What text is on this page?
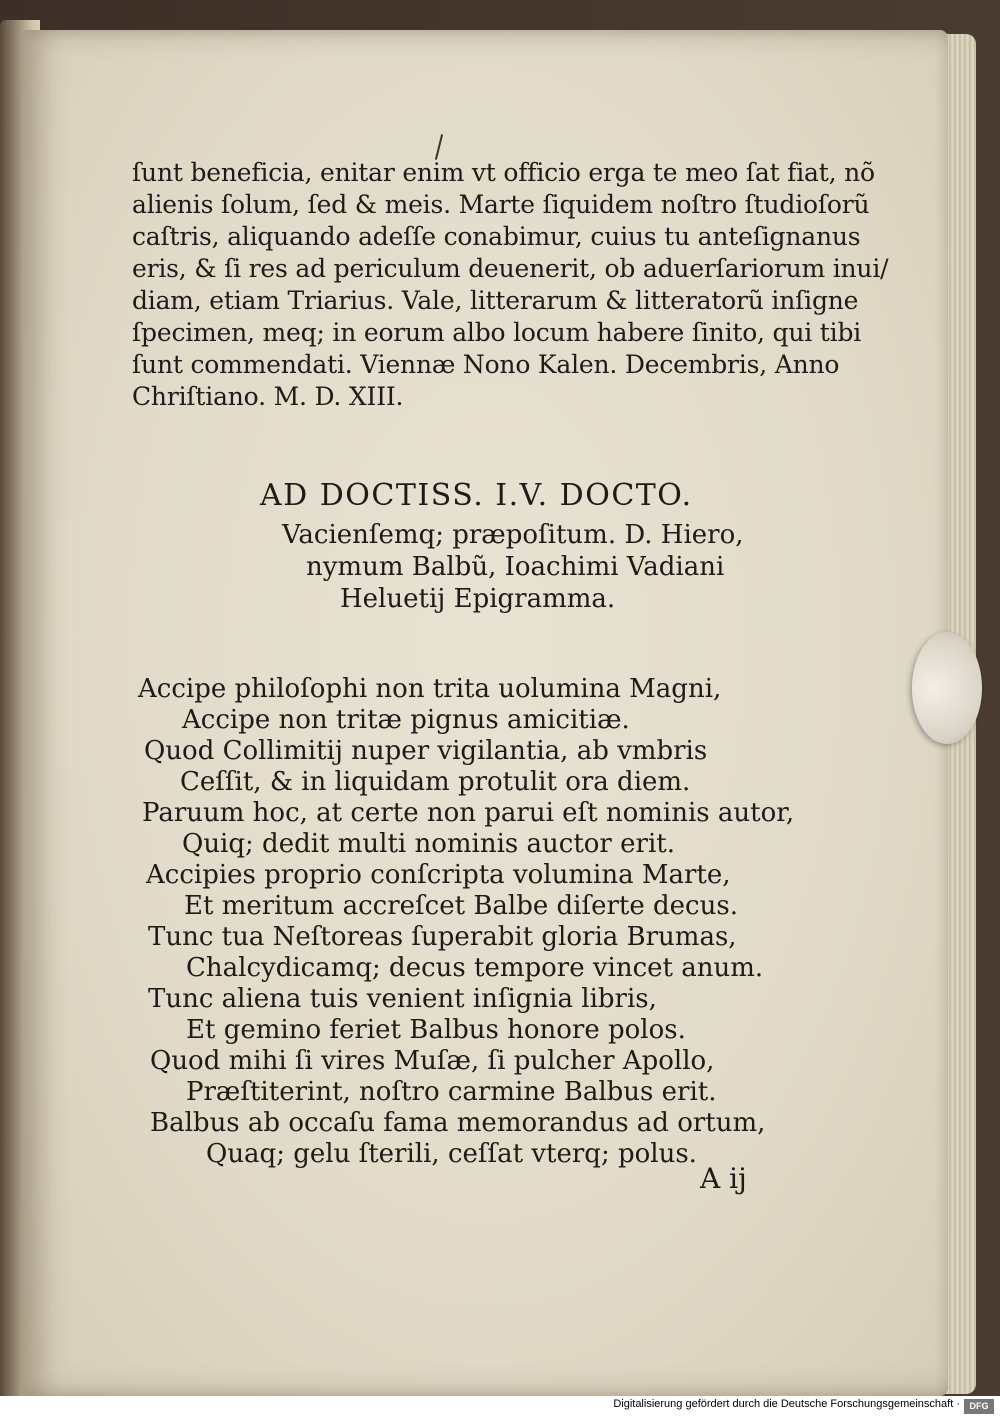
ſunt beneficia, enitar enim vt officio erga te meo ſat fiat, nõ
alienis ſolum, ſed & meis. Marte ſiquidem noſtro ſtudioſorũ
caſtris, aliquando adeſſe conabimur, cuius tu anteſignanus
eris, & ſi res ad periculum deuenerit, ob aduerſariorum inui/
diam, etiam Triarius. Vale, litterarum & litteratorũ inſigne
ſpecimen, meq; in eorum albo locum habere ſinito, qui tibi
ſunt commendati. Viennæ Nono Kalen. Decembris, Anno
Chriſtiano. M. D. XIII.
AD DOCTISS. I.V. DOCTO.
Vacienſemq; præpoſitum. D. Hiero,
nymum Balbũ, Ioachimi Vadiani
Heluetij Epigramma.
Accipe philoſophi non trita uolumina Magni,
Accipe non tritæ pignus amicitiæ.
Quod Collimitij nuper vigilantia, ab vmbris
Ceſſit, & in liquidam protulit ora diem.
Paruum hoc, at certe non parui eſt nominis autor,
Quiq; dedit multi nominis auctor erit.
Accipies proprio conſcripta volumina Marte,
Et meritum accreſcet Balbe diſerte decus.
Tunc tua Neſtoreas ſuperabit gloria Brumas,
Chalcydicamq; decus tempore vincet anum.
Tunc aliena tuis venient inſignia libris,
Et gemino feriet Balbus honore polos.
Quod mihi ſi vires Muſæ, ſi pulcher Apollo,
Præſtiterint, noſtro carmine Balbus erit.
Balbus ab occaſu fama memorandus ad ortum,
Quaq; gelu ſterili, ceſſat vterq; polus.
A ij
Digitalisierung gefördert durch die Deutsche Forschungsgemeinschaft ·	DFG
